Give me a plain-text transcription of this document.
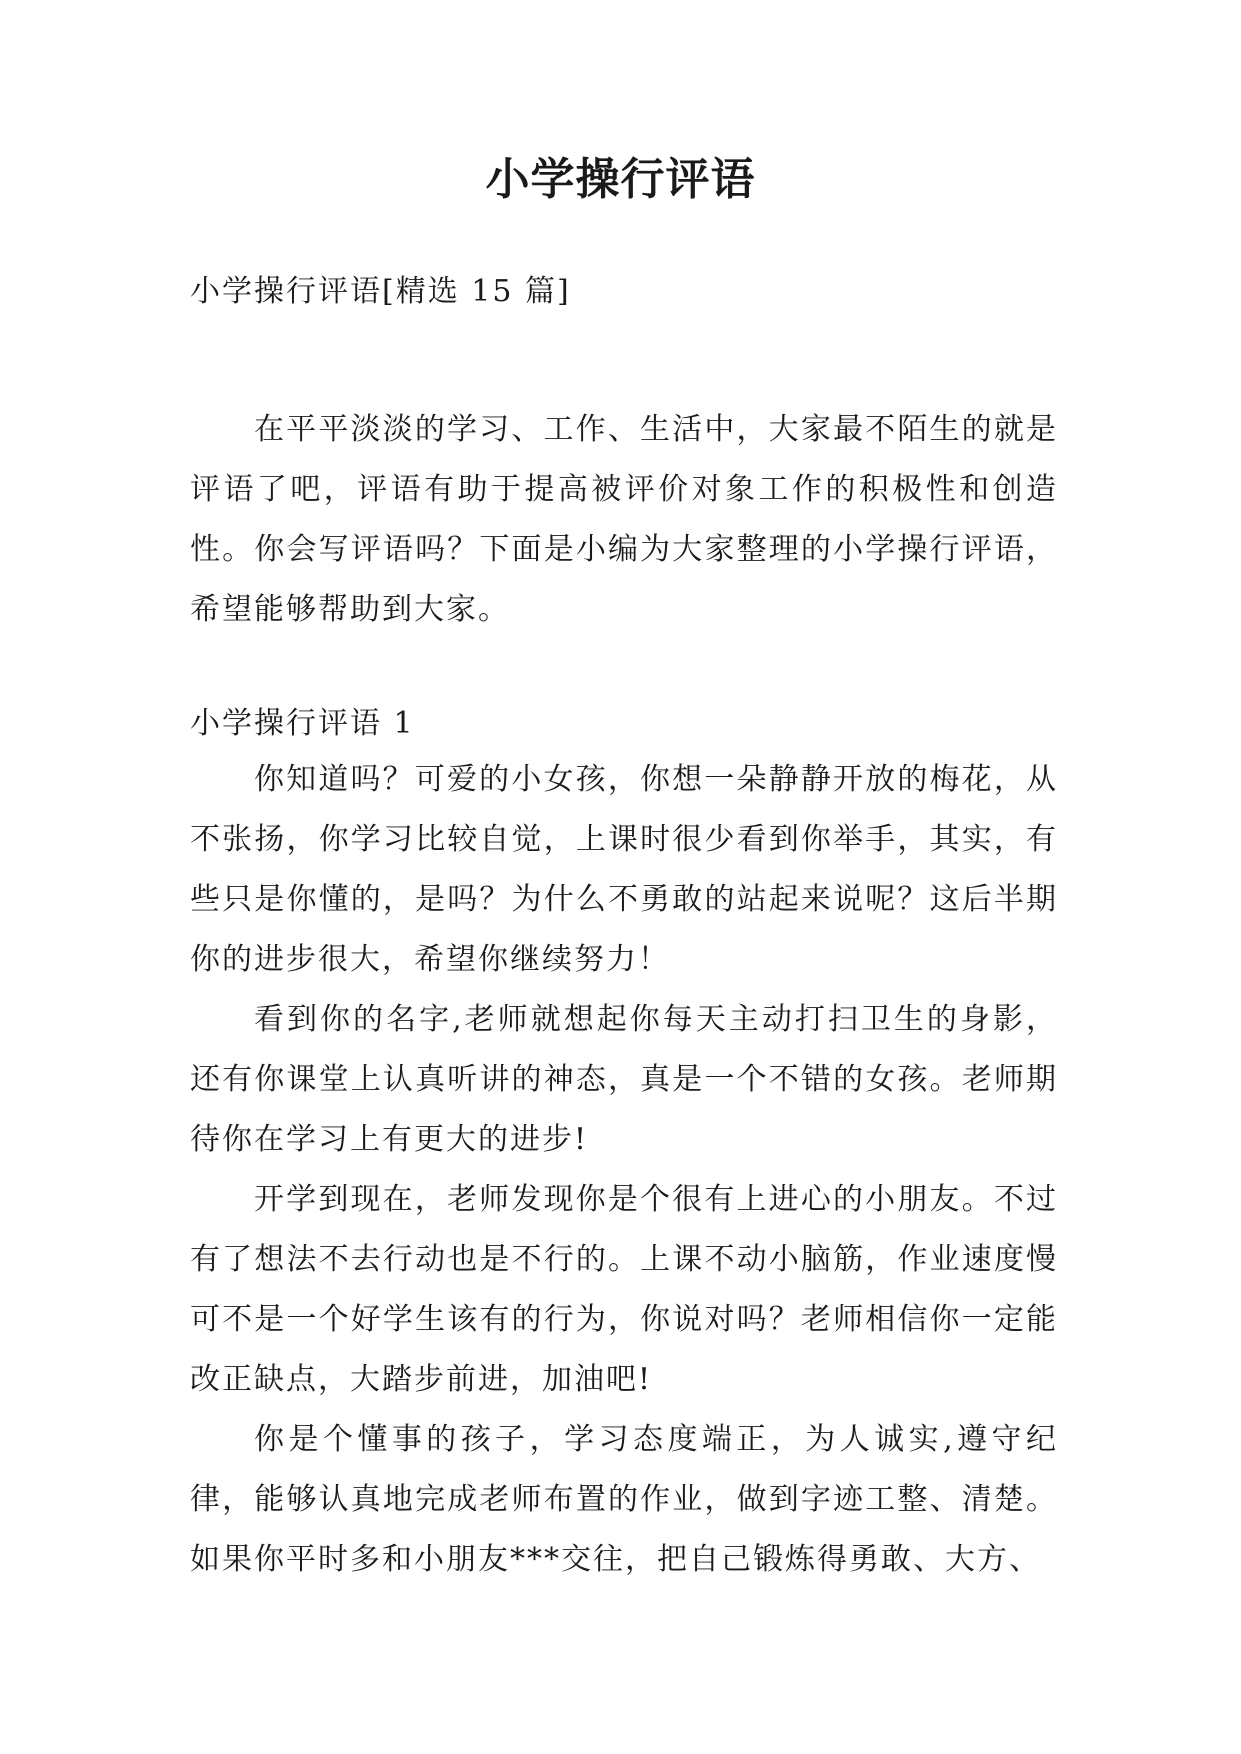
小学操行评语
小学操行评语[精选 15 篇]

在平平淡淡的学习、工作、生活中，大家最不陌生的就是评语了吧，评语有助于提高被评价对象工作的积极性和创造性。你会写评语吗？下面是小编为大家整理的小学操行评语，希望能够帮助到大家。

小学操行评语 1

你知道吗？可爱的小女孩，你想一朵静静开放的梅花，从不张扬，你学习比较自觉，上课时很少看到你举手，其实，有些只是你懂的，是吗？为什么不勇敢的站起来说呢？这后半期你的进步很大，希望你继续努力！

看到你的名字,老师就想起你每天主动打扫卫生的身影，还有你课堂上认真听讲的神态，真是一个不错的女孩。老师期待你在学习上有更大的进步!

开学到现在，老师发现你是个很有上进心的小朋友。不过有了想法不去行动也是不行的。上课不动小脑筋，作业速度慢可不是一个好学生该有的行为，你说对吗？老师相信你一定能改正缺点，大踏步前进，加油吧!

你是个懂事的孩子，学习态度端正，为人诚实,遵守纪律，能够认真地完成老师布置的作业，做到字迹工整、清楚。如果你平时多和小朋友***交往，把自己锻炼得勇敢、大方、
